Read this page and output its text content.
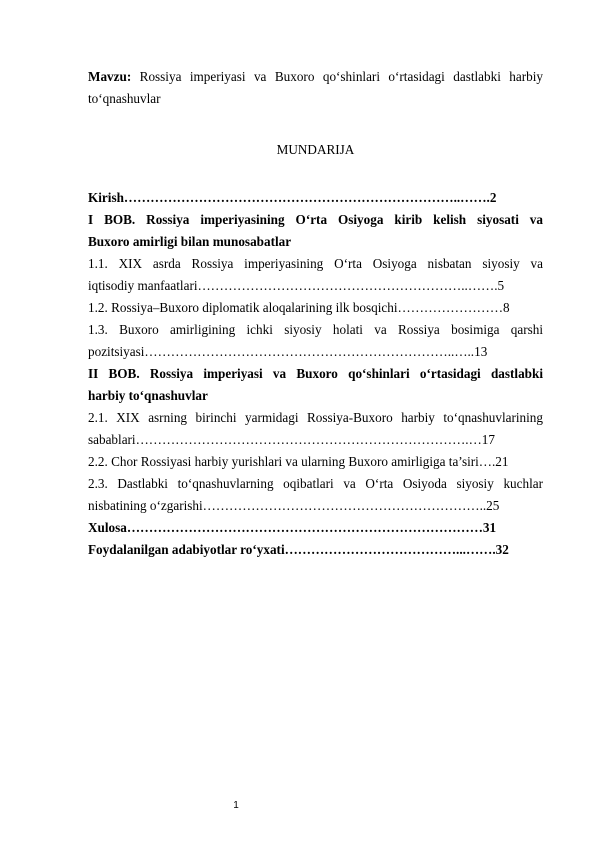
Mavzu: Rossiya imperiyasi va Buxoro qo‘shinlari o‘rtasidagi dastlabki harbiy to‘qnashuvlar

MUNDARIJA

Kirish…………………………………………………………………..…….2

I BOB. Rossiya imperiyasining O‘rta Osiyoga kirib kelish siyosati va

Buxoro amirligi bilan munosabatlar

1.1. XIX asrda Rossiya imperiyasining O‘rta Osiyoga nisbatan siyosiy va

iqtisodiy manfaatlari……………………………………………………..…….5

1.2. Rossiya–Buxoro diplomatik aloqalarining ilk bosqichi……………………8

1.3. Buxoro amirligining ichki siyosiy holati va Rossiya bosimiga qarshi

pozitsiyasi……………………………………………………………..…..13

II BOB. Rossiya imperiyasi va Buxoro qo‘shinlari o‘rtasidagi dastlabki

harbiy to‘qnashuvlar

2.1. XIX asrning birinchi yarmidagi Rossiya-Buxoro harbiy to‘qnashuvlarining

sabablari………………………………………………………………….…17

2.2. Chor Rossiyasi harbiy yurishlari va ularning Buxoro amirligiga ta’siri….21

2.3. Dastlabki to‘qnashuvlarning oqibatlari va O‘rta Osiyoda siyosiy kuchlar

nisbatining o‘zgarishi………………………………………………………..25

Xulosa………………………………………………………………………31

Foydalanilgan adabiyotlar ro‘yxati…………………………………...…….32

1
